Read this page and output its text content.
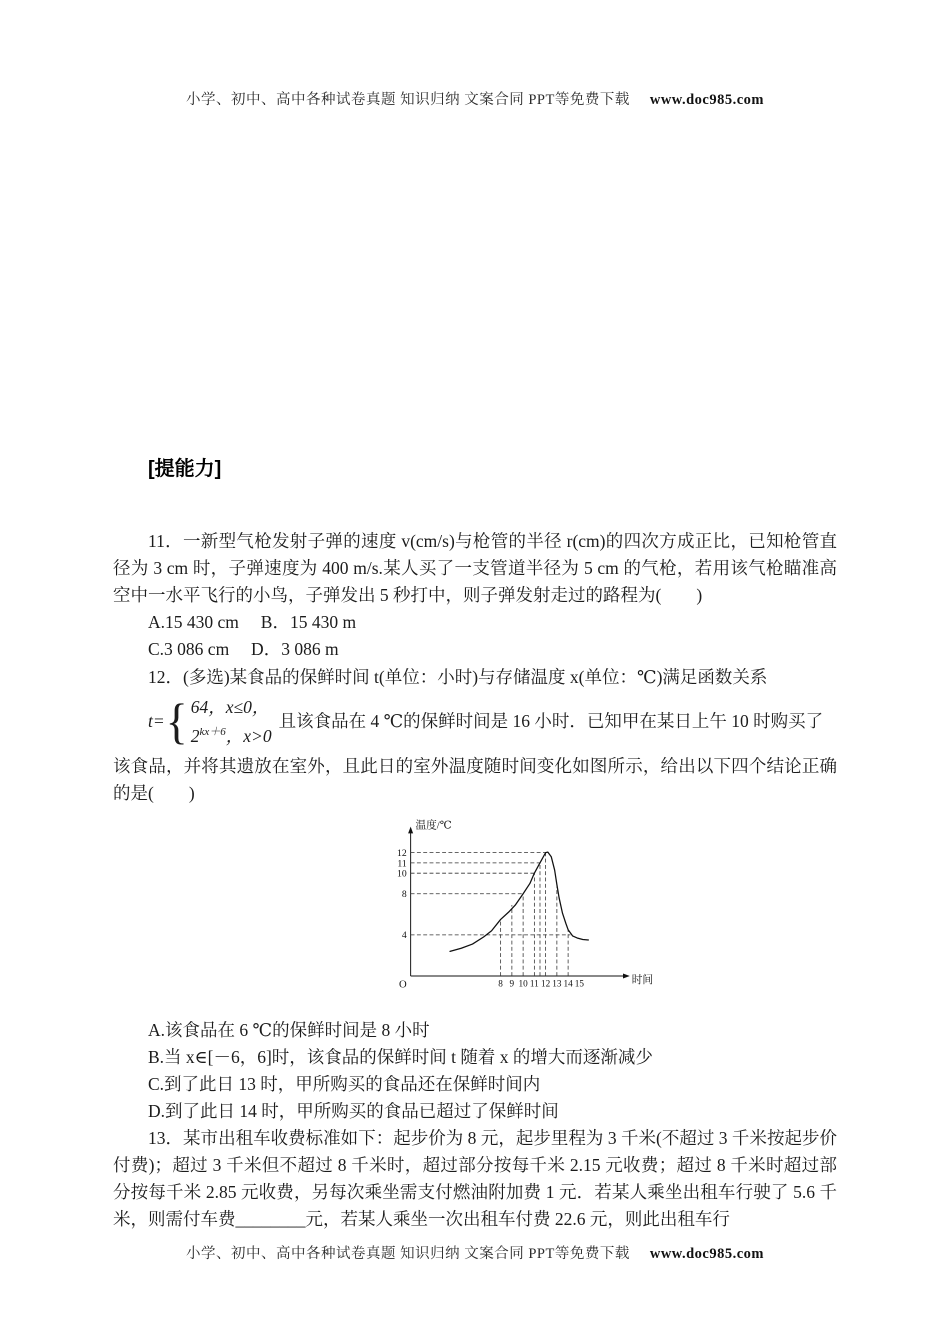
小学、初中、高中各种试卷真题 知识归纳 文案合同 PPT等免费下载 www.doc985.com
[提能力]

11．一新型气枪发射子弹的速度 v(cm/s)与枪管的半径 r(cm)的四次方成正比，已知枪管直径为 3 cm 时，子弹速度为 400 m/s.某人买了一支管道半径为 5 cm 的气枪，若用该气枪瞄准高空中一水平飞行的小鸟，子弹发出 5 秒打中，则子弹发射走过的路程为(　　)

A.15 430 cm　 B．15 430 m

C.3 086 cm　 D．3 086 m

12．(多选)某食品的保鲜时间 t(单位：小时)与存储温度 x(单位：℃)满足函数关系

t= { 64，x≤0，
$2^{kx+6}$，x>0
且该食品在 4 ℃的保鲜时间是 16 小时．已知甲在某日上午 10 时购买了

该食品，并将其遗放在室外，且此日的室外温度随时间变化如图所示，给出以下四个结论正确的是(　　)

温度/℃
时间
O
4
8
10
11
12
8 9 10 11 12 13 14 15

A.该食品在 6 ℃的保鲜时间是 8 小时

B.当 x∈[－6，6]时，该食品的保鲜时间 t 随着 x 的增大而逐渐减少

C.到了此日 13 时，甲所购买的食品还在保鲜时间内

D.到了此日 14 时，甲所购买的食品已超过了保鲜时间

13．某市出租车收费标准如下：起步价为 8 元，起步里程为 3 千米(不超过 3 千米按起步价付费)；超过 3 千米但不超过 8 千米时，超过部分按每千米 2.15 元收费；超过 8 千米时超过部分按每千米 2.85 元收费，另每次乘坐需支付燃油附加费 1 元．若某人乘坐出租车行驶了 5.6 千米，则需付车费________元，若某人乘坐一次出租车付费 22.6 元，则此出租车行

小学、初中、高中各种试卷真题 知识归纳 文案合同 PPT等免费下载 www.doc985.com
